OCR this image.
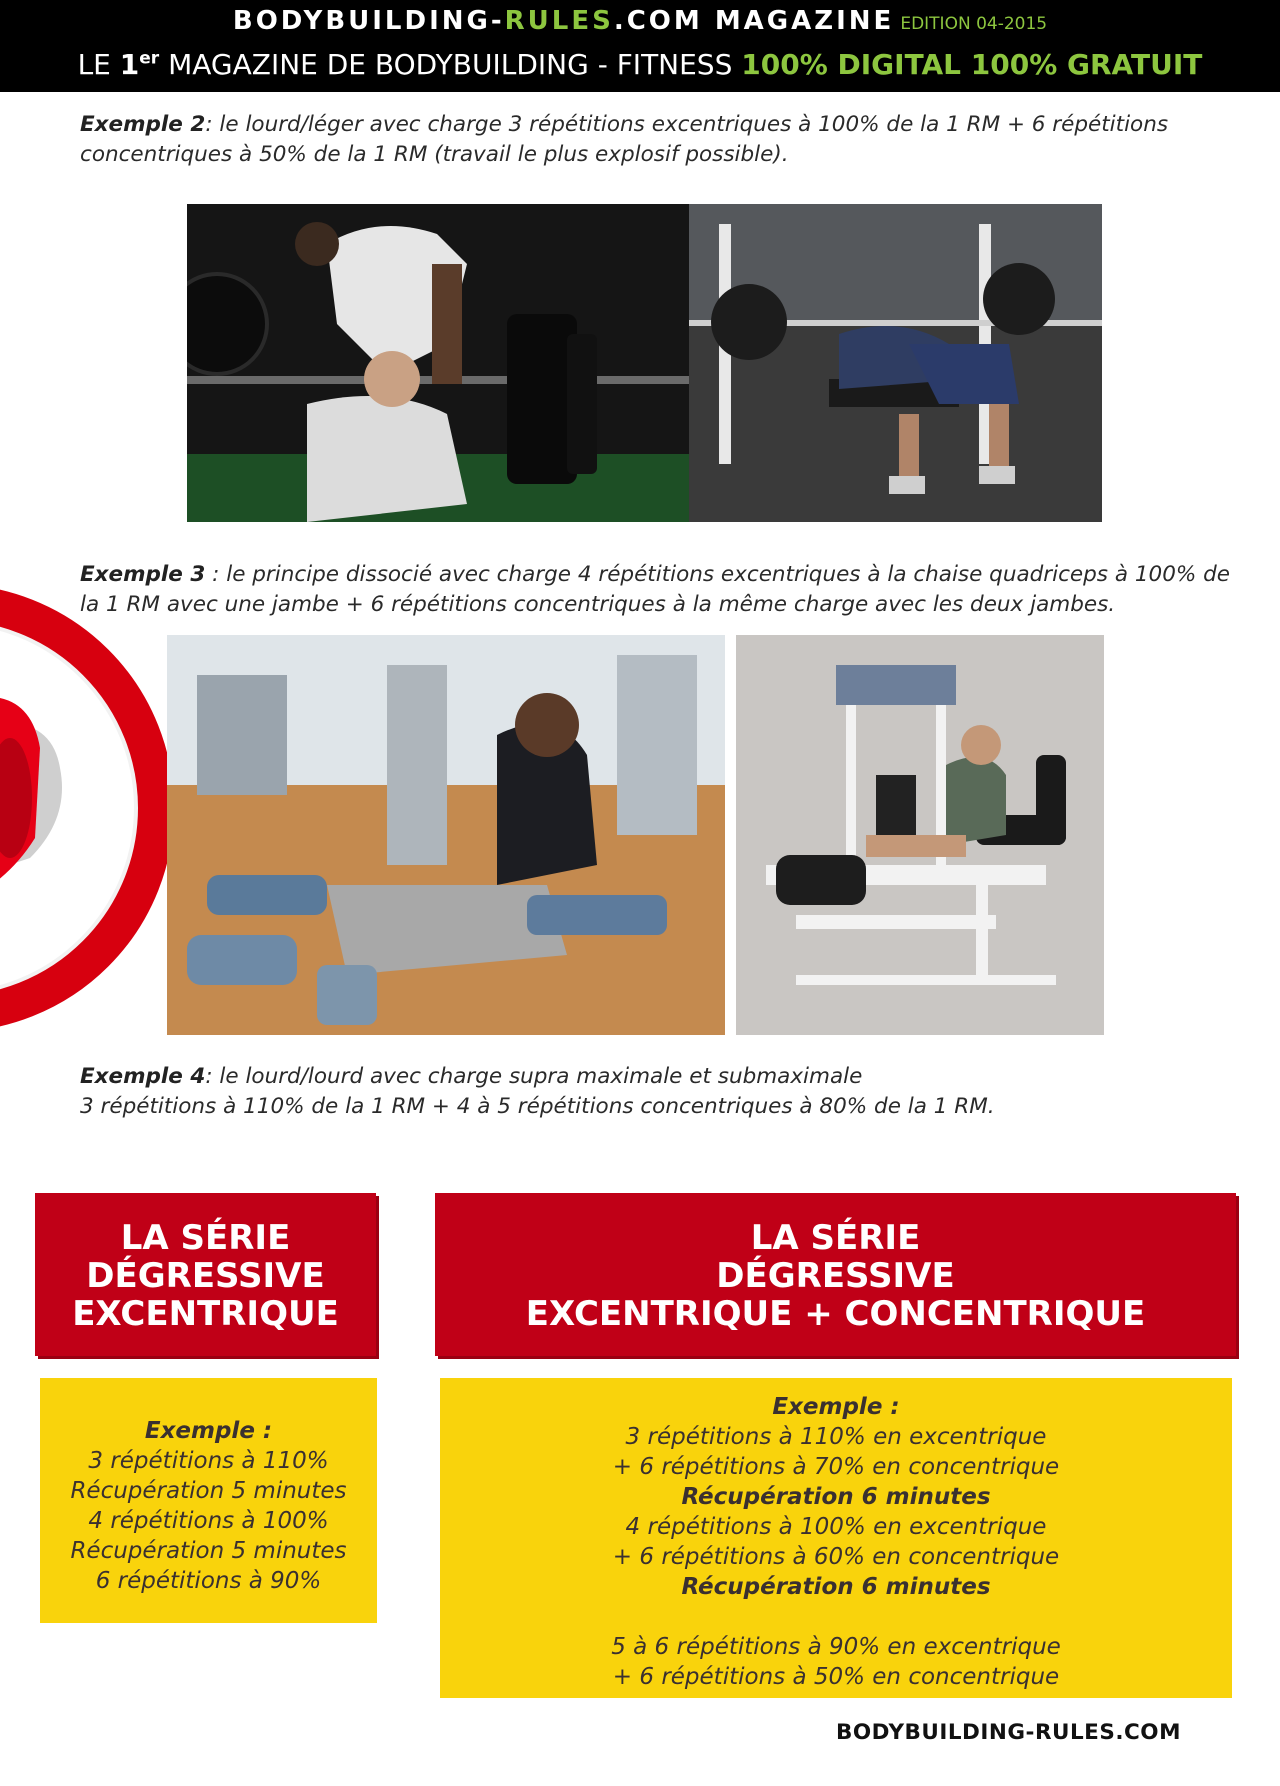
BODYBUILDING-RULES.COM MAGAZINE EDITION 04-2015
LE 1er MAGAZINE DE BODYBUILDING - FITNESS 100% DIGITAL 100% GRATUIT
Exemple 2: le lourd/léger avec charge 3 répétitions excentriques à 100% de la 1 RM + 6 répétitions concentriques à 50% de la 1 RM (travail le plus explosif possible).
Exemple 3 : le principe dissocié avec charge 4 répétitions excentriques à la chaise quadriceps à 100% de la 1 RM avec une jambe + 6 répétitions concentriques à la même charge avec les deux jambes.
Exemple 4: le lourd/lourd avec charge supra maximale et submaximale
3 répétitions à 110% de la 1 RM + 4 à 5 répétitions concentriques à 80% de la 1 RM.
LA SÉRIE
DÉGRESSIVE
EXCENTRIQUE
LA SÉRIE
DÉGRESSIVE
EXCENTRIQUE + CONCENTRIQUE
Exemple :
3 répétitions à 110%
Récupération 5 minutes
4 répétitions à 100%
Récupération 5 minutes
6 répétitions à 90%
Exemple :
3 répétitions à 110% en excentrique
+ 6 répétitions à 70% en concentrique
Récupération 6 minutes
4 répétitions à 100% en excentrique
+ 6 répétitions à 60% en concentrique
Récupération 6 minutes
5 à 6 répétitions à 90% en excentrique
+ 6 répétitions à 50% en concentrique
BODYBUILDING-RULES.COM
